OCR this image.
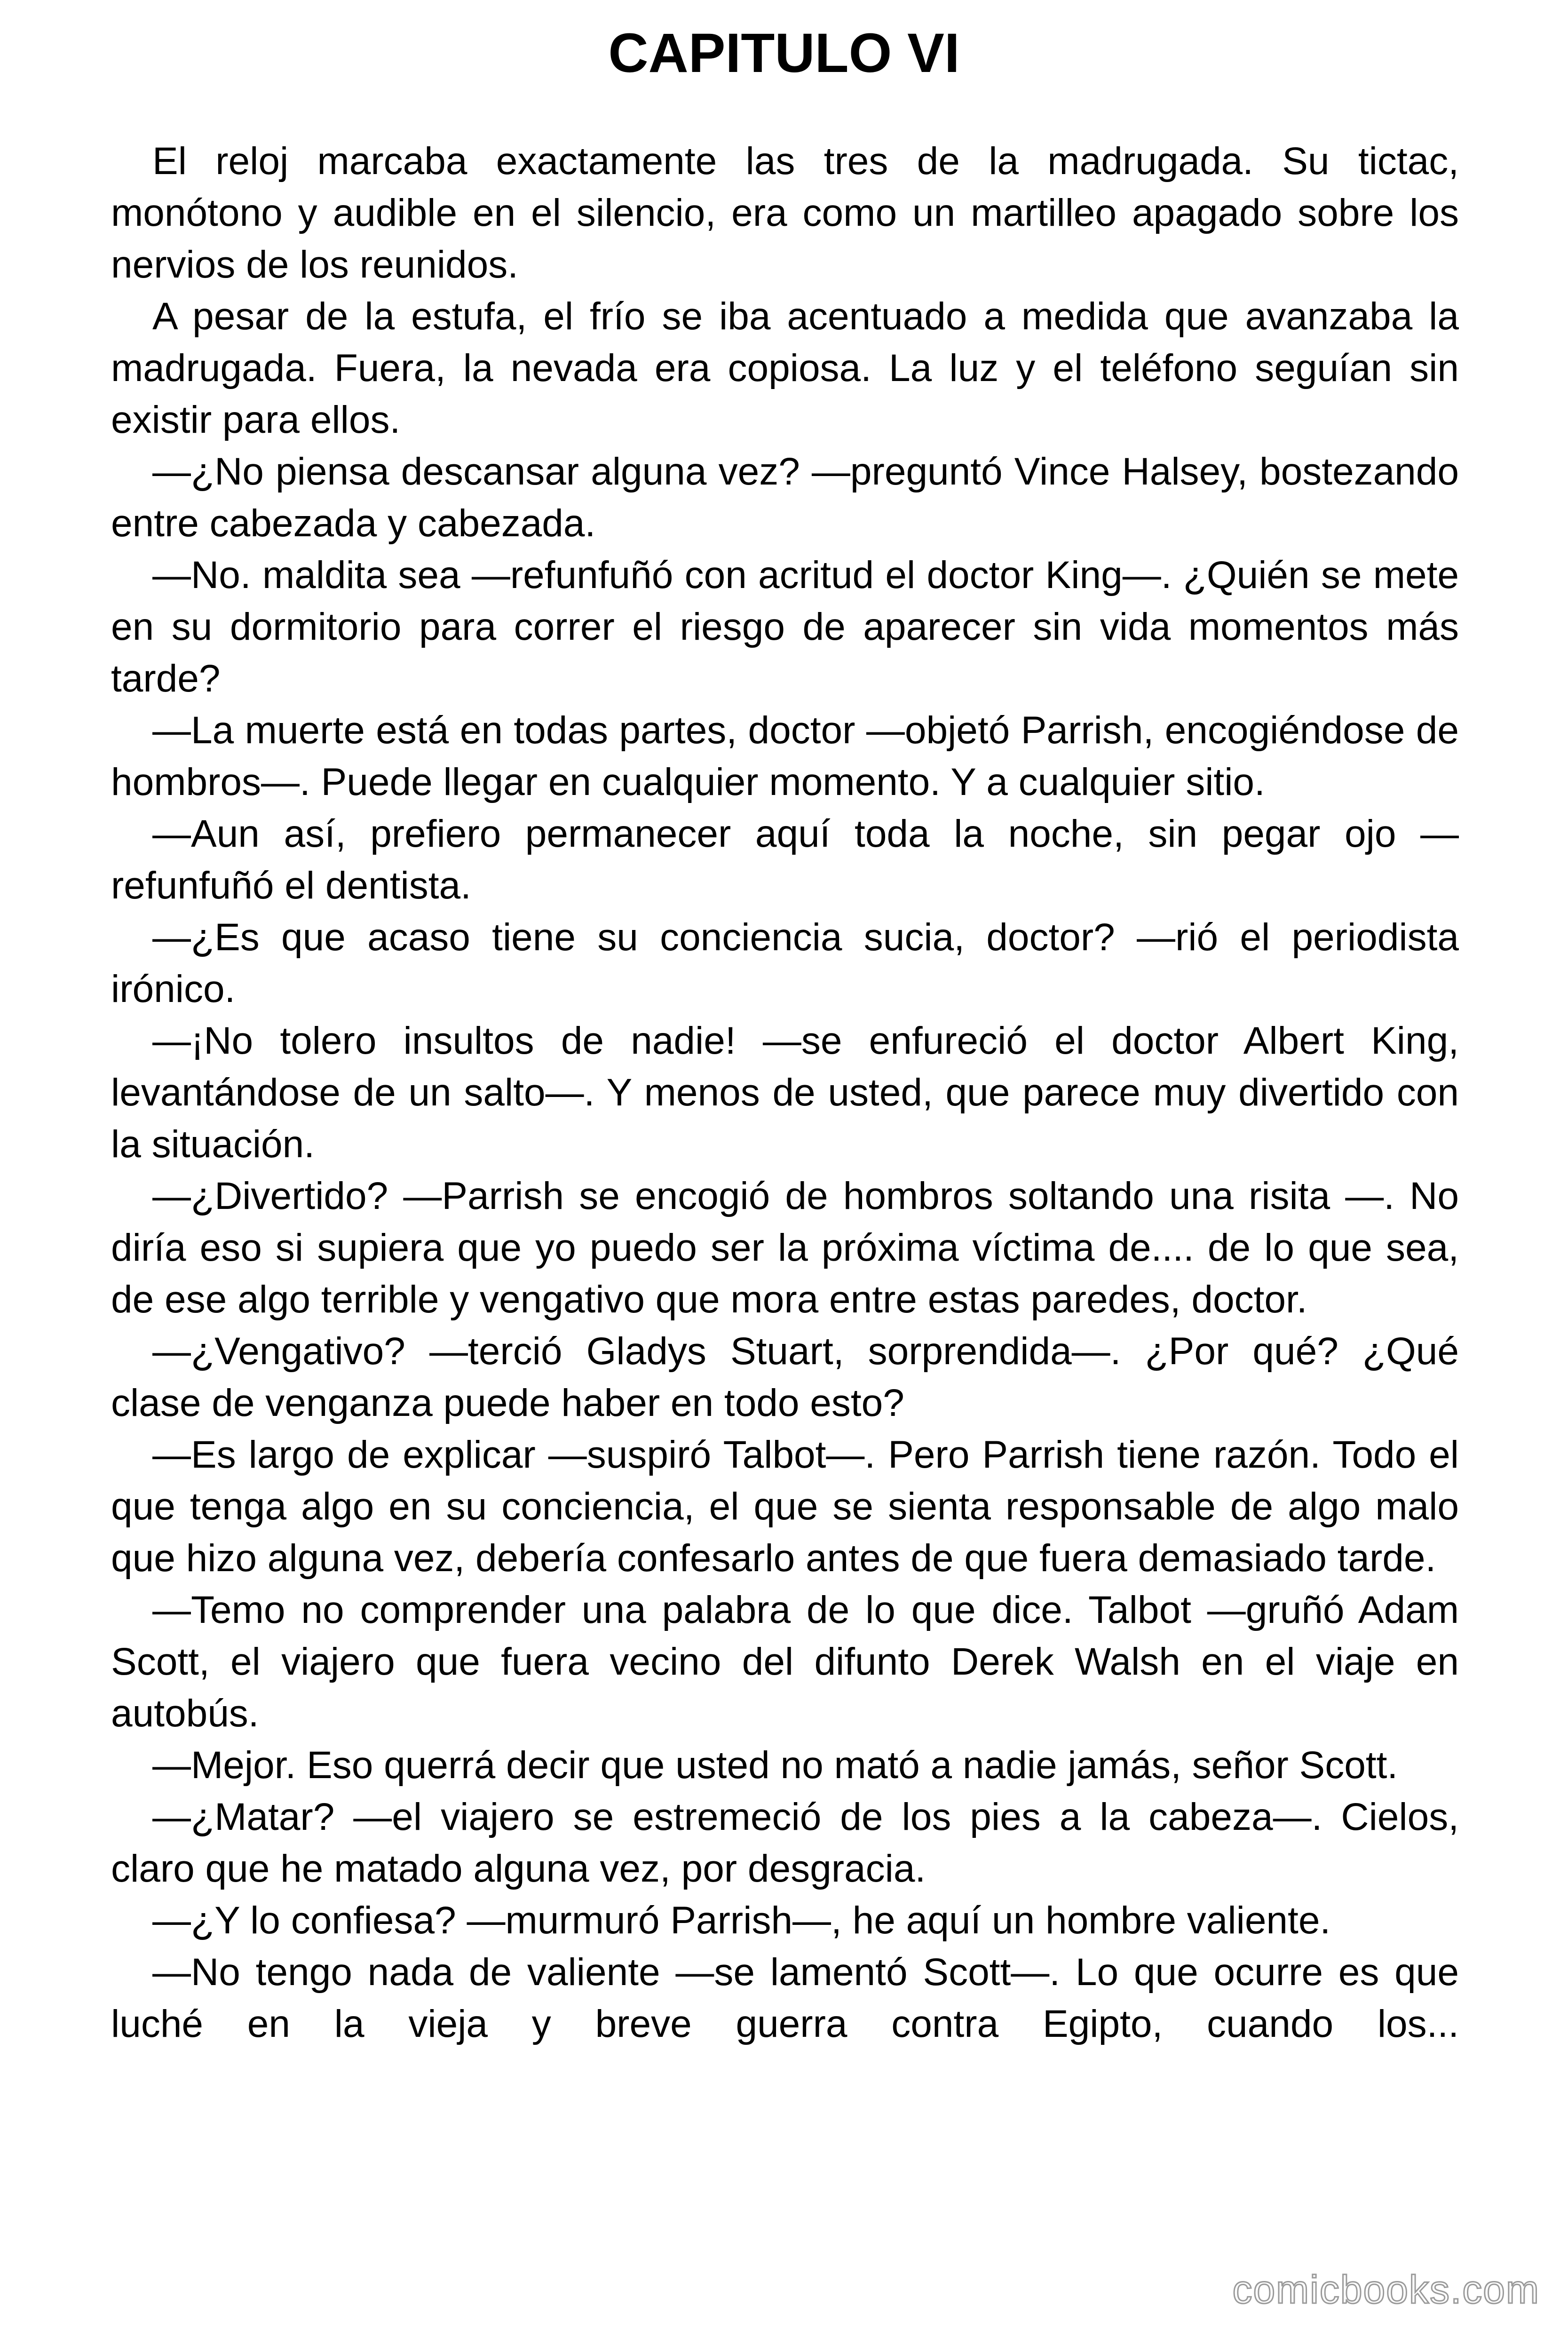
CAPITULO VI

El reloj marcaba exactamente las tres de la madrugada. Su tictac, monótono y audible en el silencio, era como un martilleo apagado sobre los nervios de los reunidos.

A pesar de la estufa, el frío se iba acentuado a medida que avanzaba la madrugada. Fuera, la nevada era copiosa. La luz y el teléfono seguían sin existir para ellos.

—¿No piensa descansar alguna vez? —preguntó Vince Halsey, bostezando entre cabezada y cabezada.

—No. maldita sea —refunfuñó con acritud el doctor King—. ¿Quién se mete en su dormitorio para correr el riesgo de aparecer sin vida momentos más tarde?

—La muerte está en todas partes, doctor —objetó Parrish, encogiéndose de hombros—. Puede llegar en cualquier momento. Y a cualquier sitio.

—Aun así, prefiero permanecer aquí toda la noche, sin pegar ojo —refunfuñó el dentista.

—¿Es que acaso tiene su conciencia sucia, doctor? —rió el periodista irónico.

—¡No tolero insultos de nadie! —se enfureció el doctor Albert King, levantándose de un salto—. Y menos de usted, que parece muy divertido con la situación.

—¿Divertido? —Parrish se encogió de hombros soltando una risita —. No diría eso si supiera que yo puedo ser la próxima víctima de.... de lo que sea, de ese algo terrible y vengativo que mora entre estas paredes, doctor.

—¿Vengativo? —terció Gladys Stuart, sorprendida—. ¿Por qué? ¿Qué clase de venganza puede haber en todo esto?

—Es largo de explicar —suspiró Talbot—. Pero Parrish tiene razón. Todo el que tenga algo en su conciencia, el que se sienta responsable de algo malo que hizo alguna vez, debería confesarlo antes de que fuera demasiado tarde.

—Temo no comprender una palabra de lo que dice. Talbot —gruñó Adam Scott, el viajero que fuera vecino del difunto Derek Walsh en el viaje en autobús.

—Mejor. Eso querrá decir que usted no mató a nadie jamás, señor Scott.

—¿Matar? —el viajero se estremeció de los pies a la cabeza—. Cielos, claro que he matado alguna vez, por desgracia.

—¿Y lo confiesa? —murmuró Parrish—, he aquí un hombre valiente.

—No tengo nada de valiente —se lamentó Scott—. Lo que ocurre es que luché en la vieja y breve guerra contra Egipto, cuando los...

comicbooks.com
